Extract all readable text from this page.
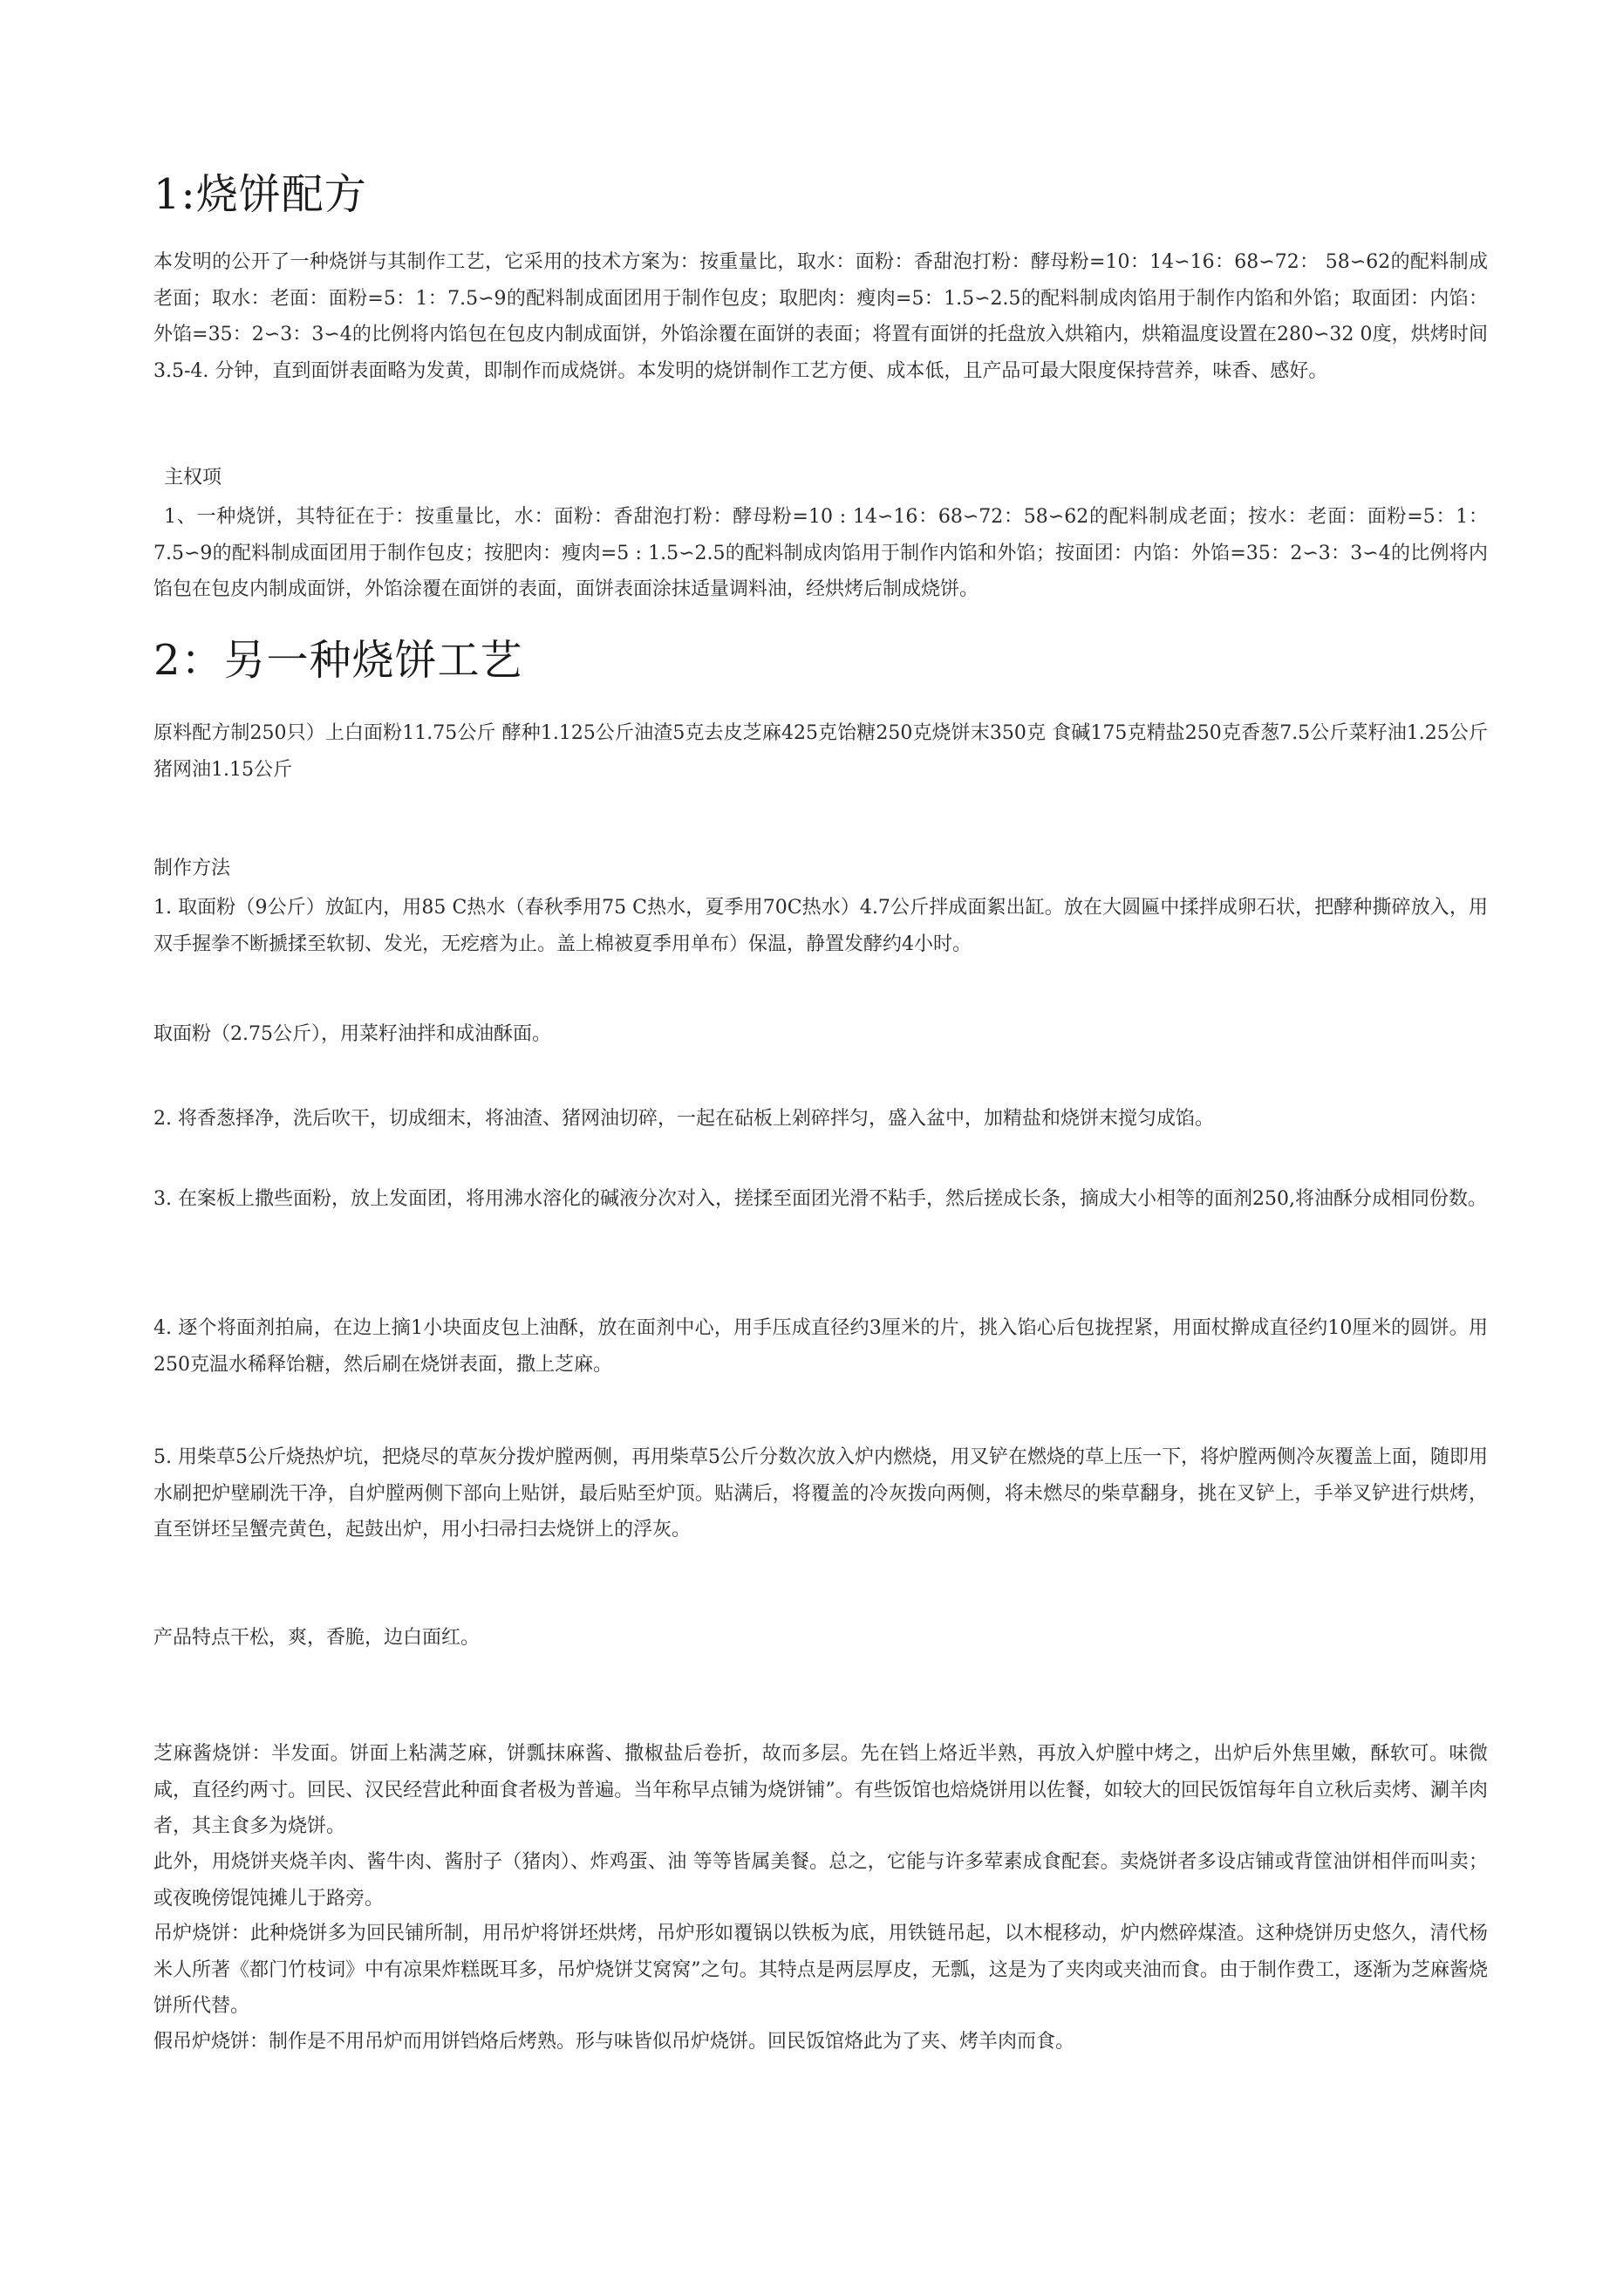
1:烧饼配方
本发明的公开了一种烧饼与其制作工艺，它采用的技术方案为：按重量比，取水：面粉：香甜泡打粉：酵母粉=10：14∽16：68∽72： 58∽62的配料制成老面；取水：老面：面粉=5：1：7.5∽9的配料制成面团用于制作包皮；取肥肉：瘦肉=5：1.5∽2.5的配料制成肉馅用于制作内馅和外馅；取面团：内馅：外馅=35：2∽3：3∽4的比例将内馅包在包皮内制成面饼，外馅涂覆在面饼的表面；将置有面饼的托盘放入烘箱内，烘箱温度设置在280∽32 0度，烘烤时间3.5-4. 分钟，直到面饼表面略为发黄，即制作而成烧饼。本发明的烧饼制作工艺方便、成本低，且产品可最大限度保持营养，味香、感好。
主权项
1、一种烧饼，其特征在于：按重量比，水：面粉：香甜泡打粉：酵母粉=10 : 14∽16：68∽72：58∽62的配料制成老面；按水：老面：面粉=5：1：7.5∽9的配料制成面团用于制作包皮；按肥肉：瘦肉=5 : 1.5∽2.5的配料制成肉馅用于制作内馅和外馅；按面团：内馅：外馅=35：2∽3：3∽4的比例将内馅包在包皮内制成面饼，外馅涂覆在面饼的表面，面饼表面涂抹适量调料油，经烘烤后制成烧饼。
2：另一种烧饼工艺
原料配方制250只）上白面粉11.75公斤 酵种1.125公斤油渣5克去皮芝麻425克饴糖250克烧饼末350克 食碱175克精盐250克香葱7.5公斤菜籽油1.25公斤猪网油1.15公斤
制作方法
1. 取面粉（9公斤）放缸内，用85 C热水（春秋季用75 C热水，夏季用70C热水）4.7公斤拌成面絮出缸。放在大圆匾中揉拌成卵石状，把酵种撕碎放入，用双手握拳不断搋揉至软韧、发光，无疙瘩为止。盖上棉被夏季用单布）保温，静置发酵约4小时。
取面粉（2.75公斤），用菜籽油拌和成油酥面。
2. 将香葱择净，洗后吹干，切成细末，将油渣、猪网油切碎，一起在砧板上剁碎拌匀，盛入盆中，加精盐和烧饼末搅匀成馅。
3. 在案板上撒些面粉，放上发面团，将用沸水溶化的碱液分次对入，搓揉至面团光滑不粘手，然后搓成长条，摘成大小相等的面剂250,将油酥分成相同份数。
4. 逐个将面剂拍扁，在边上摘1小块面皮包上油酥，放在面剂中心，用手压成直径约3厘米的片，挑入馅心后包拢捏紧，用面杖擀成直径约10厘米的圆饼。用250克温水稀释饴糖，然后刷在烧饼表面，撒上芝麻。
5. 用柴草5公斤烧热炉坑，把烧尽的草灰分拨炉膛两侧，再用柴草5公斤分数次放入炉内燃烧，用叉铲在燃烧的草上压一下，将炉膛两侧冷灰覆盖上面，随即用水刷把炉壁刷洗干净，自炉膛两侧下部向上贴饼，最后贴至炉顶。贴满后，将覆盖的冷灰拨向两侧，将未燃尽的柴草翻身，挑在叉铲上，手举叉铲进行烘烤，直至饼坯呈蟹壳黄色，起鼓出炉，用小扫帚扫去烧饼上的浮灰。
产品特点干松，爽，香脆，边白面红。
芝麻酱烧饼：半发面。饼面上粘满芝麻，饼瓢抹麻酱、撒椒盐后卷折，故而多层。先在铛上烙近半熟，再放入炉膛中烤之，出炉后外焦里嫩，酥软可。味微咸，直径约两寸。回民、汉民经营此种面食者极为普遍。当年称早点铺为烧饼铺”。有些饭馆也焙烧饼用以佐餐，如较大的回民饭馆每年自立秋后卖烤、涮羊肉者，其主食多为烧饼。
此外，用烧饼夹烧羊肉、酱牛肉、酱肘子（猪肉）、炸鸡蛋、油 等等皆属美餐。总之，它能与许多荤素成食配套。卖烧饼者多设店铺或背筐油饼相伴而叫卖；或夜晚傍馄饨摊儿于路旁。
吊炉烧饼：此种烧饼多为回民铺所制，用吊炉将饼坯烘烤，吊炉形如覆锅以铁板为底，用铁链吊起，以木棍移动，炉内燃碎煤渣。这种烧饼历史悠久，清代杨米人所著《都门竹枝词》中有凉果炸糕既耳多，吊炉烧饼艾窝窝”之句。其特点是两层厚皮，无瓢，这是为了夹肉或夹油而食。由于制作费工，逐渐为芝麻酱烧饼所代替。
假吊炉烧饼：制作是不用吊炉而用饼铛烙后烤熟。形与味皆似吊炉烧饼。回民饭馆烙此为了夹、烤羊肉而食。
